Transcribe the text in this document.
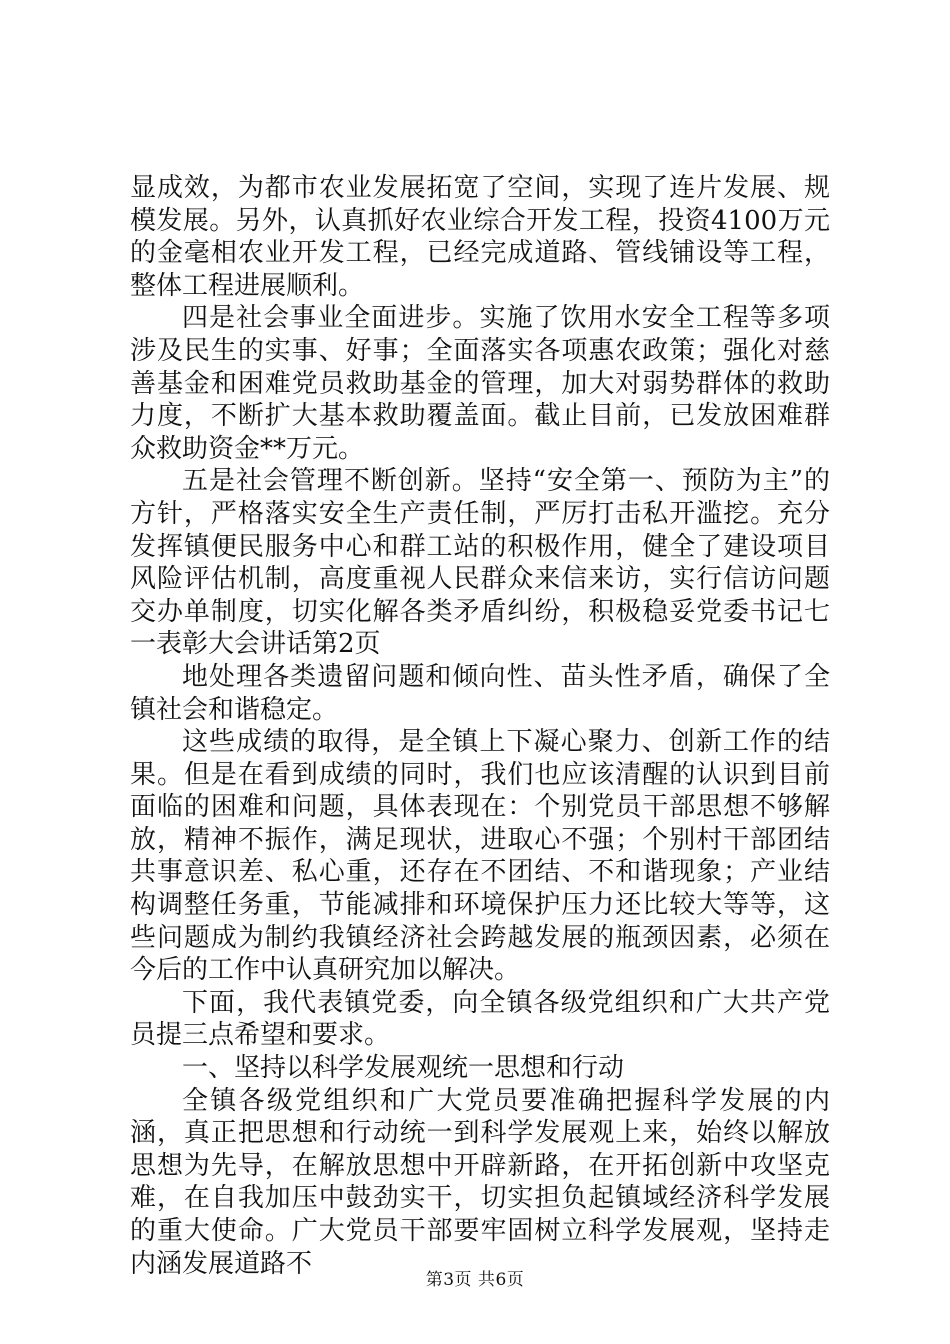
显成效，为都市农业发展拓宽了空间，实现了连片发展、规模发展。另外，认真抓好农业综合开发工程，投资4100万元的金毫相农业开发工程，已经完成道路、管线铺设等工程，整体工程进展顺利。

四是社会事业全面进步。实施了饮用水安全工程等多项涉及民生的实事、好事；全面落实各项惠农政策；强化对慈善基金和困难党员救助基金的管理，加大对弱势群体的救助力度，不断扩大基本救助覆盖面。截止目前，已发放困难群众救助资金**万元。

五是社会管理不断创新。坚持“安全第一、预防为主”的方针，严格落实安全生产责任制，严厉打击私开滥挖。充分发挥镇便民服务中心和群工站的积极作用，健全了建设项目风险评估机制，高度重视人民群众来信来访，实行信访问题交办单制度，切实化解各类矛盾纠纷，积极稳妥党委书记七一表彰大会讲话第2页

地处理各类遗留问题和倾向性、苗头性矛盾，确保了全镇社会和谐稳定。

这些成绩的取得，是全镇上下凝心聚力、创新工作的结果。但是在看到成绩的同时，我们也应该清醒的认识到目前面临的困难和问题，具体表现在：个别党员干部思想不够解放，精神不振作，满足现状，进取心不强；个别村干部团结共事意识差、私心重，还存在不团结、不和谐现象；产业结构调整任务重，节能减排和环境保护压力还比较大等等，这些问题成为制约我镇经济社会跨越发展的瓶颈因素，必须在今后的工作中认真研究加以解决。

下面，我代表镇党委，向全镇各级党组织和广大共产党员提三点希望和要求。

一、坚持以科学发展观统一思想和行动

全镇各级党组织和广大党员要准确把握科学发展的内涵，真正把思想和行动统一到科学发展观上来，始终以解放思想为先导，在解放思想中开辟新路，在开拓创新中攻坚克难，在自我加压中鼓劲实干，切实担负起镇域经济科学发展的重大使命。广大党员干部要牢固树立科学发展观，坚持走内涵发展道路不

第3页 共6页
